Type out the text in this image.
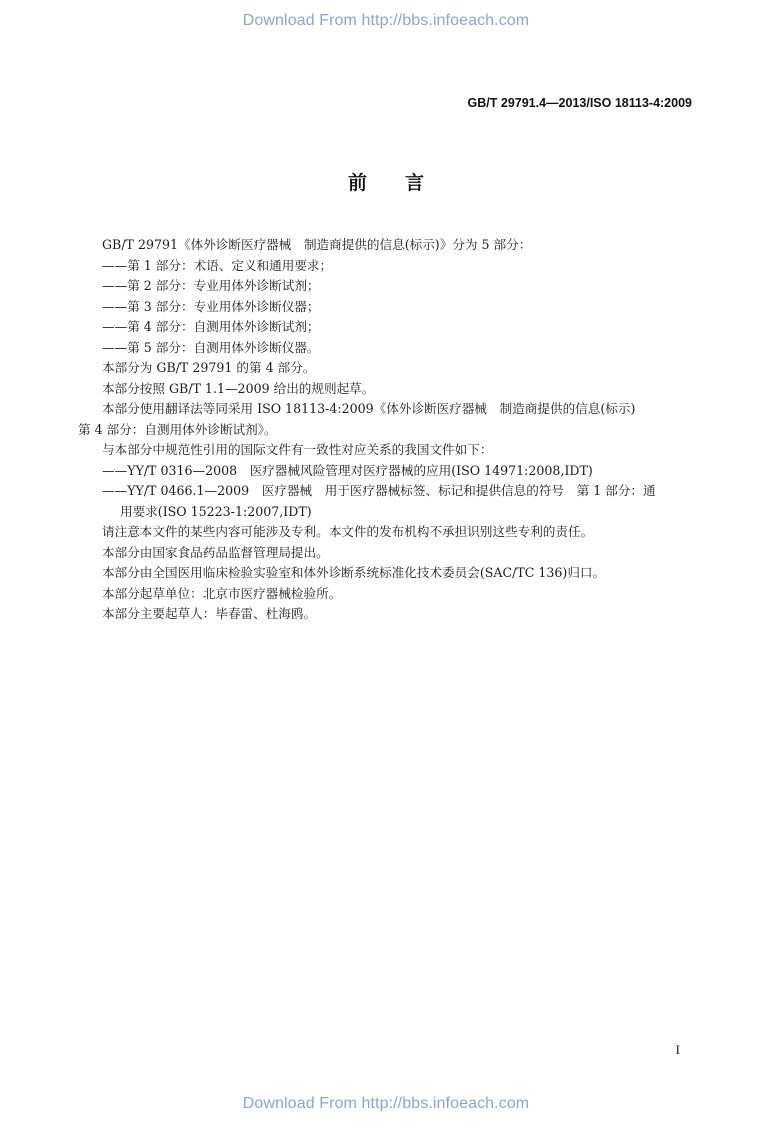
Download From http://bbs.infoeach.com
GB/T 29791.4—2013/ISO 18113-4:2009
前言
GB/T 29791《体外诊断医疗器械　制造商提供的信息(标示)》分为 5 部分：
——第 1 部分：术语、定义和通用要求；
——第 2 部分：专业用体外诊断试剂；
——第 3 部分：专业用体外诊断仪器；
——第 4 部分：自测用体外诊断试剂；
——第 5 部分：自测用体外诊断仪器。
本部分为 GB/T 29791 的第 4 部分。
本部分按照 GB/T 1.1—2009 给出的规则起草。
本部分使用翻译法等同采用 ISO 18113-4:2009《体外诊断医疗器械　制造商提供的信息(标示)
第 4 部分：自测用体外诊断试剂》。
与本部分中规范性引用的国际文件有一致性对应关系的我国文件如下：
——YY/T 0316—2008　医疗器械风险管理对医疗器械的应用(ISO 14971:2008,IDT)
——YY/T 0466.1—2009　医疗器械　用于医疗器械标签、标记和提供信息的符号　第 1 部分：通
用要求(ISO 15223-1:2007,IDT)
请注意本文件的某些内容可能涉及专利。本文件的发布机构不承担识别这些专利的责任。
本部分由国家食品药品监督管理局提出。
本部分由全国医用临床检验实验室和体外诊断系统标准化技术委员会(SAC/TC 136)归口。
本部分起草单位：北京市医疗器械检验所。
本部分主要起草人：毕春雷、杜海鸥。
I
Download From http://bbs.infoeach.com
